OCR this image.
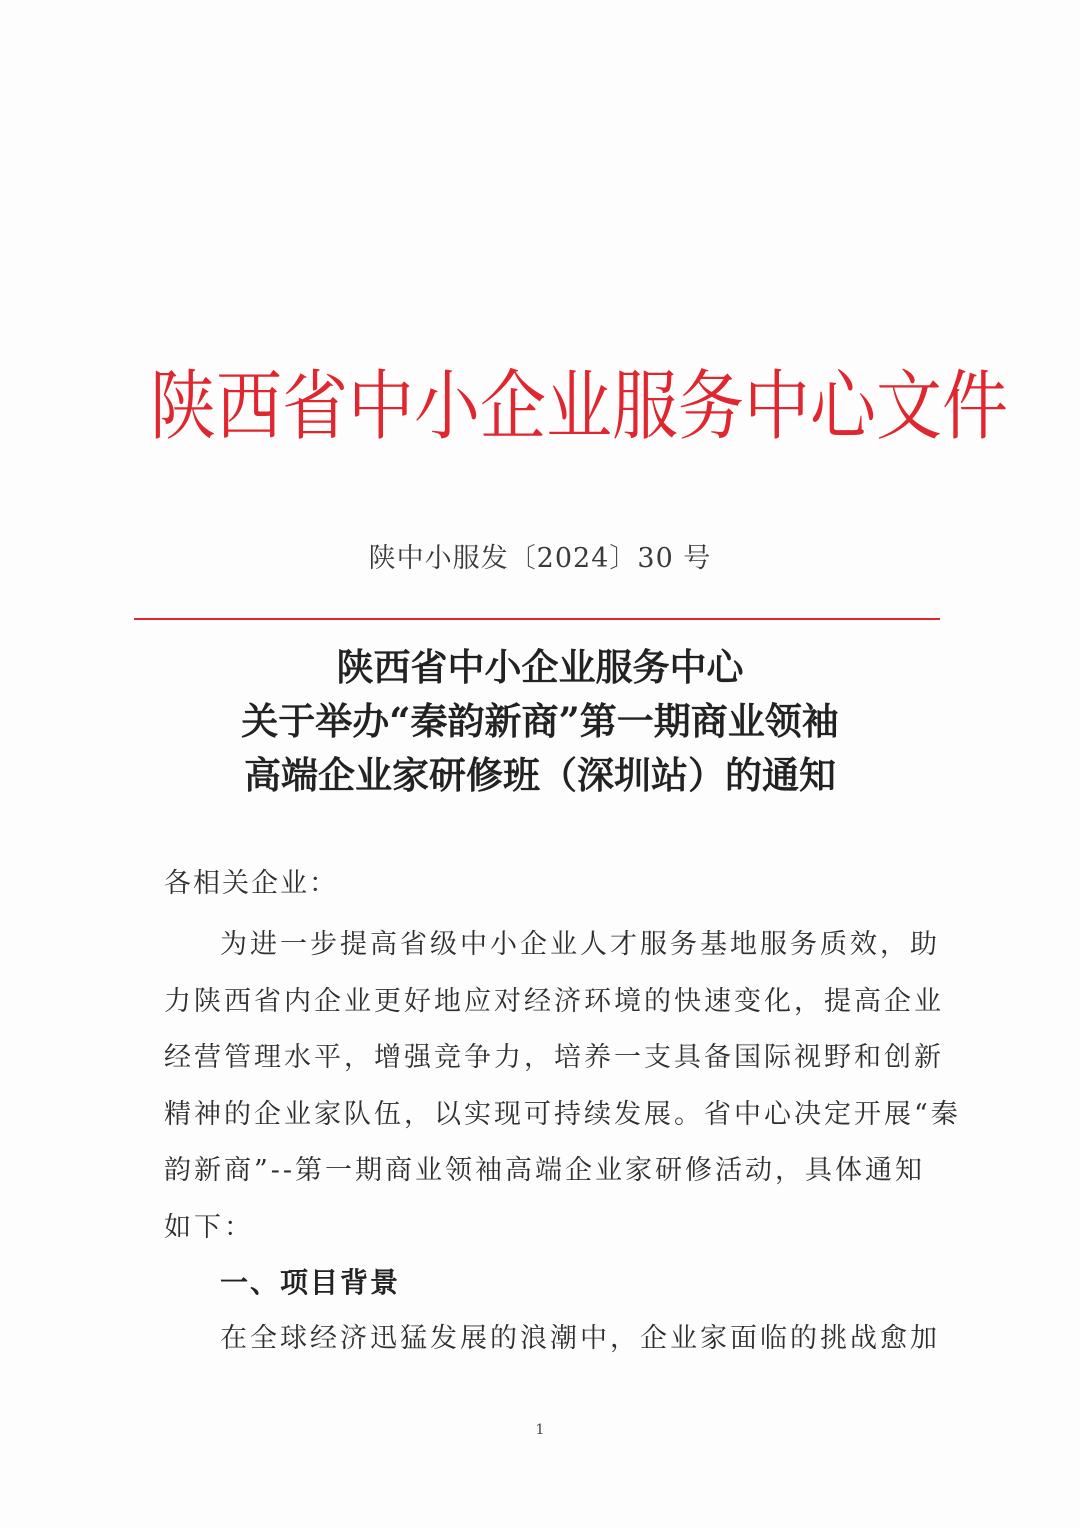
陕西省中小企业服务中心文件
陕中小服发〔2024〕30 号
陕西省中小企业服务中心
关于举办“秦韵新商”第一期商业领袖
高端企业家研修班（深圳站）的通知
各相关企业：
为进一步提高省级中小企业人才服务基地服务质效，助
力陕西省内企业更好地应对经济环境的快速变化，提高企业
经营管理水平，增强竞争力，培养一支具备国际视野和创新
精神的企业家队伍，以实现可持续发展。省中心决定开展“秦
韵新商”--第一期商业领袖高端企业家研修活动，具体通知
如下：
一、项目背景
在全球经济迅猛发展的浪潮中，企业家面临的挑战愈加
1
